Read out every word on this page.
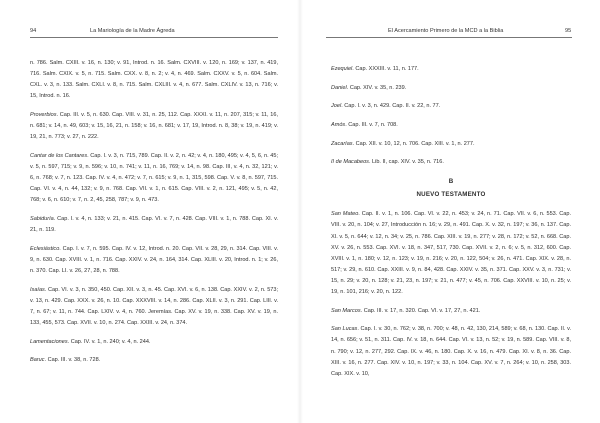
94	La Mariología de la Madre Ágreda

n. 786. Salm. CXIII. v. 16, n. 130; v. 91, Introd. n. 16. Salm. CXVIII. v. 120, n. 169; v. 137, n. 419, 716. Salm. CXIX. v. 5, n. 715. Salm. CXX. v. 8, n. 2; v. 4, n. 469. Salm. CXXV. v. 5, n. 604. Salm. CXL. v. 3, n. 133. Salm. CXLI. v. 8, n. 715. Salm. CXLIII. v. 4, n. 677. Salm. CXLIV. v. 13, n. 716; v. 15, Introd. n. 16.

Proverbios. Cap. III. v. 5, n. 630. Cap. VIII. v. 31, n. 25, 112. Cap. XXXI. v. 11, n. 207, 315; v. 11, 16, n. 681; v. 14, n. 49, 603; v. 15, 16, 21, n. 158; v. 16, n. 681; v. 17, 19, Introd. n. 8, 38; v. 19, n. 419; v. 19, 21, n. 773; v. 27, n. 222.

Cantar de los Cantares. Cap. I. v. 3, n. 715, 789. Cap. II. v. 2, n. 42; v. 4, n. 180, 495; v. 4, 5, 6, n. 45; v. 5, n. 597, 715; v. 9, n. 596; v. 10, n. 741; v. 11, n. 16, 769; v. 14, n. 98. Cap. III, v. 4, n. 32, 121; v. 6, n. 768; v. 7, n. 123. Cap. IV. v. 4, n. 472; v. 7, n. 615; v. 9, n. 1, 315, 598. Cap. V. v. 8, n. 597, 715. Cap. VI. v. 4, n. 44, 132; v. 9, n. 768. Cap. VII. v. 1, n. 615. Cap. VIII. v. 2, n. 121, 495; v. 5, n. 42, 768; v. 6, n. 610; v. 7, n. 2, 45, 258, 787; v. 9, n. 473.

Sabiduría. Cap. I. v. 4, n. 133; v. 21, n. 415. Cap. VI. v. 7, n. 428. Cap. VIII. v. 1, n. 788. Cap. XI. v. 21, n. 119.

Eclesiástico. Cap. I. v. 7, n. 595. Cap. IV. v. 12, Introd. n. 20. Cap. VII. v. 28, 29, n. 314. Cap. VIII. v. 9, n. 630. Cap. XVIII. v. 1, n. 716. Cap. XXIV. v. 24, n. 164, 314. Cap. XLIII. v. 20, Introd. n. 1; v. 26, n. 370. Cap. LI. v. 26, 27, 28, n. 788.

Isaías. Cap. VI. v. 3, n. 350, 450. Cap. XII. v. 3, n. 45. Cap. XVI. v. 6, n. 138. Cap. XXIV. v. 2, n. 573; v. 13, n. 429. Cap. XXX. v. 26, n. 10. Cap. XXXVIII. v. 14, n. 286. Cap. XLII. v. 3, n. 291. Cap. LIII. v. 7, n. 67; v. 11, n. 744. Cap. LXIV. v. 4, n. 760. Jeremías. Cap. XV. v. 19, n. 338. Cap. XV. v. 19, n. 133, 455, 573. Cap. XVII. v. 10, n. 274. Cap. XXIII. v. 24, n. 374.

Lamentaciones. Cap. IV. v. 1, n. 240; v. 4, n. 244.

Baruc. Cap. III. v. 38, n. 728.

El Acercamiento Primero de la MCD a la Biblia	95

Ezequiel. Cap. XXXIII. v. 11, n. 177.

Daniel. Cap. XIV. v. 35, n. 239.

Joel. Cap. I. v. 3, n. 429. Cap. II. v. 22, n. 77.

Amós. Cap. III. v. 7, n. 708.

Zacarías. Cap. XII. v. 10, 12, n. 706. Cap. XIII. v. 1, n. 277.

II de Macabeos. Lib. II, cap. XIV. v. 35, n. 716.

B
NUEVO TESTAMENTO

San Mateo. Cap. II. v. 1, n. 106. Cap. VI. v. 22, n. 453; v. 24, n. 71. Cap. VII. v. 6, n. 553. Cap. VIII. v. 20, n. 104; v. 27, Introducción n. 16; v. 29, n. 491. Cap. X. v. 32, n. 197; v. 36, n. 137. Cap. XI. v. 5, n. 644; v. 12, n. 34; v. 25, n. 786. Cap. XIII. v. 19, n. 277; v. 28, n. 172; v. 52, n. 668. Cap. XV. v. 26, n. 553. Cap. XVI. v. 18, n. 347, 517, 730. Cap. XVII. v. 2, n. 6; v. 5, n. 312, 600. Cap. XVIII. v. 1, n. 180; v. 12, n. 123; v. 19, n. 216; v. 20, n. 122, 504; v. 26, n. 471. Cap. XIX. v. 28, n. 517; v. 29, n. 610. Cap. XXIII. v. 9, n. 84, 428. Cap. XXIV. v. 35, n. 371. Cap. XXV. v. 3, n. 731; v. 15, n. 29; v. 20, n. 128; v. 21, 23, n. 197; v. 21, n. 477; v. 45, n. 706. Cap. XXVIII. v. 10, n. 25; v. 19, n. 101, 216; v. 20, n. 122.

San Marcos. Cap. III. v. 17, n. 320. Cap. VI. v. 17, 27, n. 421.

San Lucas. Cap. I. v. 30, n. 762; v. 38, n. 700; v. 48, n. 42, 130, 214, 589; v. 68, n. 130. Cap. II. v. 14, n. 656; v. 51, n. 311. Cap. IV. v. 18, n. 644. Cap. VI. v. 13, n. 52; v. 19, n. 589. Cap. VIII. v. 8, n. 790; v. 12, n. 277, 292. Cap. IX. v. 46, n. 180. Cap. X. v. 16, n. 479. Cap. XI. v. 8, n. 36. Cap. XIII. v. 16, n. 277. Cap. XIV. v. 10, n. 197; v. 33, n. 104. Cap. XV. v. 7, n. 264; v. 10, n. 258, 303. Cap. XIX. v. 10,
